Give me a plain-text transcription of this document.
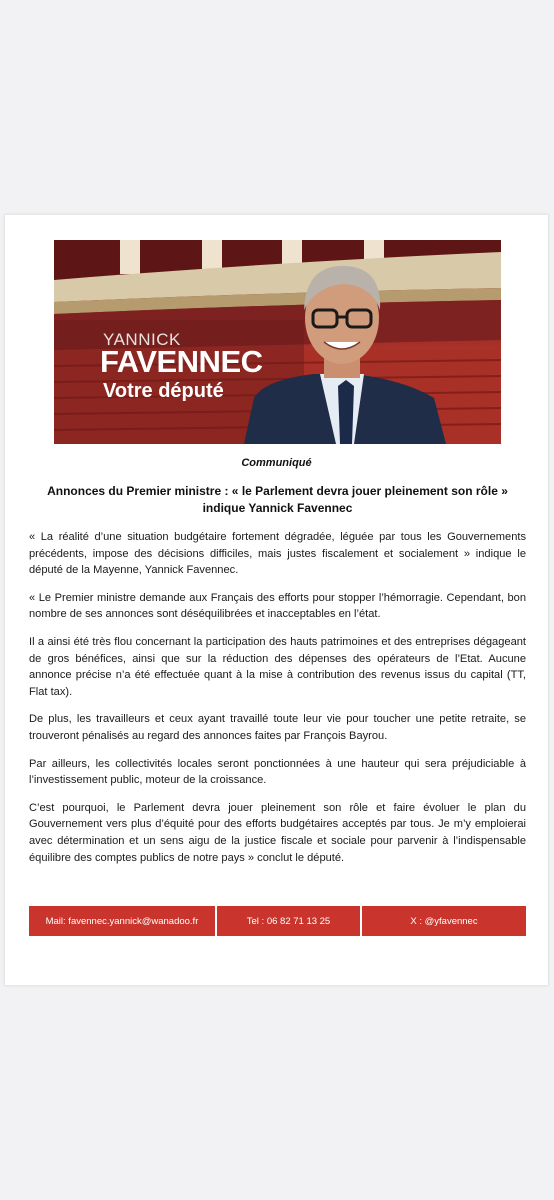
YANNICK
FAVENNEC
Votre député
Communiqué
Annonces du Premier ministre : « le Parlement devra jouer pleinement son rôle » indique Yannick Favennec

« La réalité d’une situation budgétaire fortement dégradée, léguée par tous les Gouvernements précédents, impose des décisions difficiles, mais justes fiscalement et socialement » indique le député de la Mayenne, Yannick Favennec.

« Le Premier ministre demande aux Français des efforts pour stopper l’hémorragie. Cependant, bon nombre de ses annonces sont déséquilibrées et inacceptables en l’état.

Il a ainsi été très flou concernant la participation des hauts patrimoines et des entreprises dégageant de gros bénéfices, ainsi que sur la réduction des dépenses des opérateurs de l’Etat. Aucune annonce précise n’a été effectuée quant à la mise à contribution des revenus issus du capital (TT, Flat tax).

De plus, les travailleurs et ceux ayant travaillé toute leur vie pour toucher une petite retraite, se trouveront pénalisés au regard des annonces faites par François Bayrou.

Par ailleurs, les collectivités locales seront ponctionnées à une hauteur qui sera préjudiciable à l’investissement public, moteur de la croissance.

C’est pourquoi, le Parlement devra jouer pleinement son rôle et faire évoluer le plan du Gouvernement vers plus d’équité pour des efforts budgétaires acceptés par tous. Je m’y emploierai avec détermination et un sens aigu de la justice fiscale et sociale pour parvenir à l’indispensable équilibre des comptes publics de notre pays » conclut le député.

Mail: favennec.yannick@wanadoo.fr	Tel : 06 82 71 13 25	X : @yfavennec
